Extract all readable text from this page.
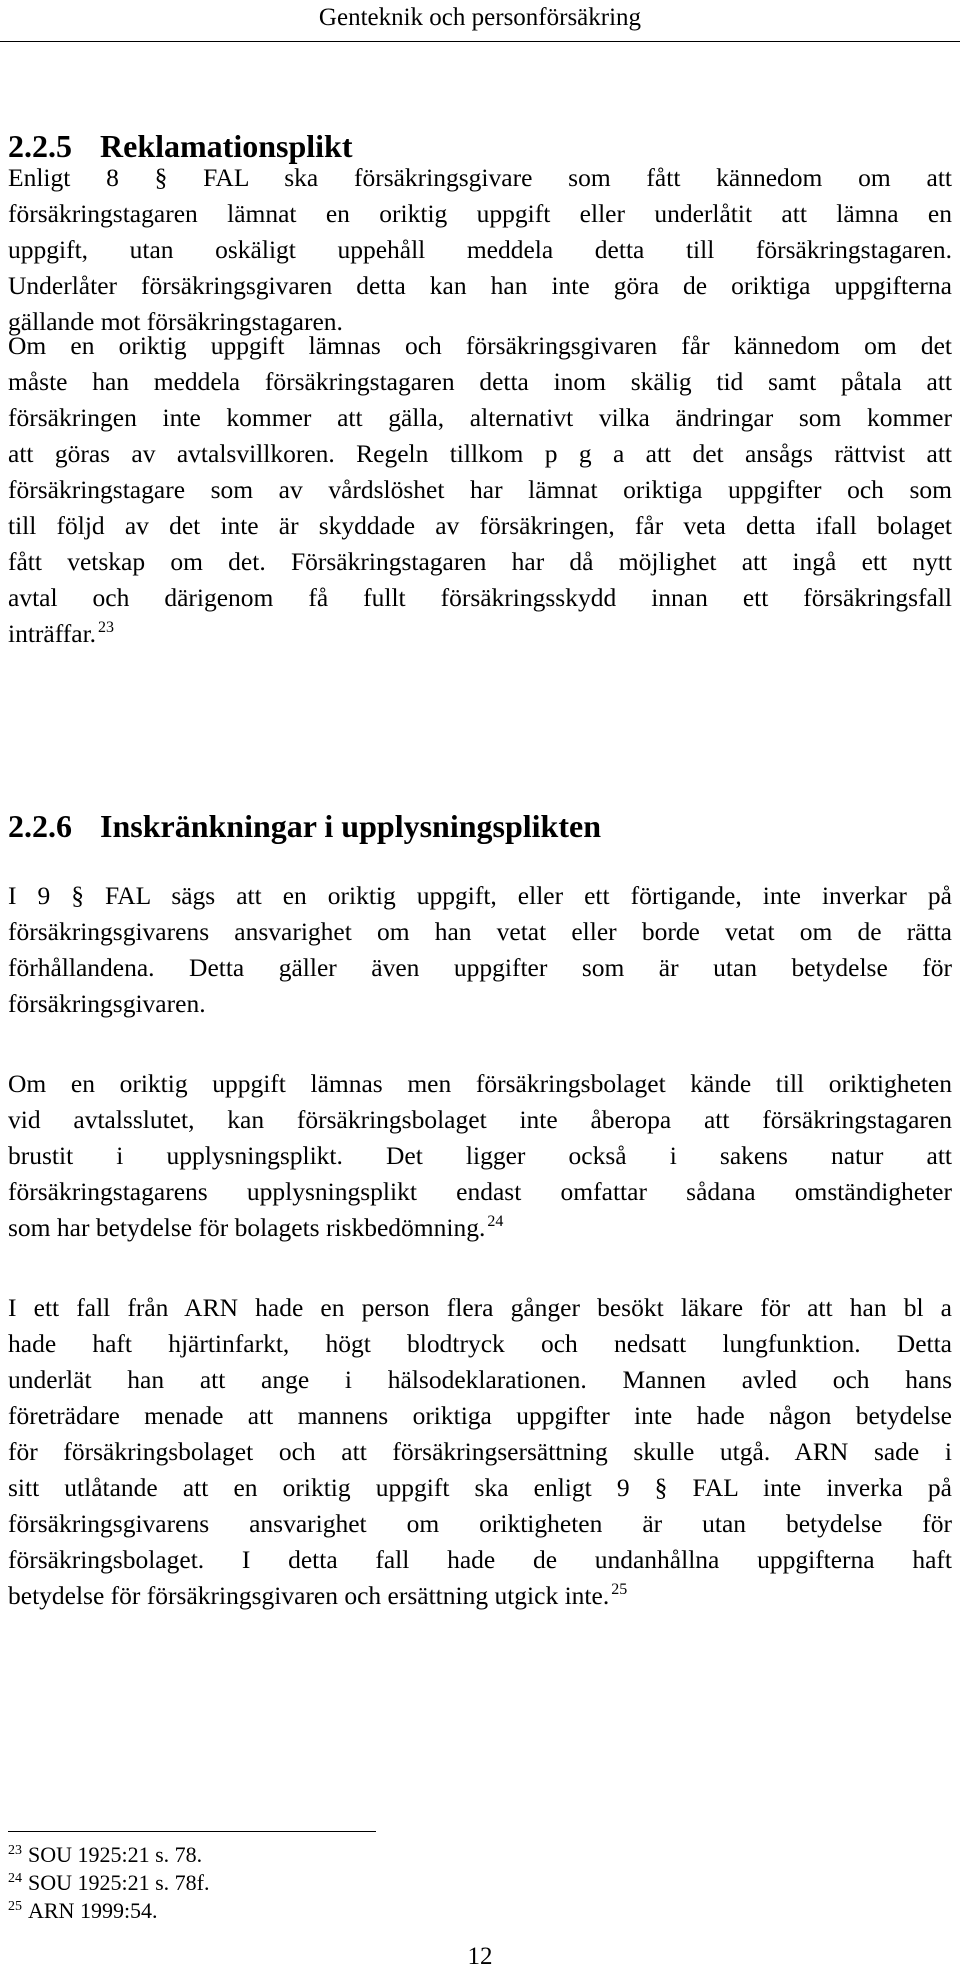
Genteknik och personförsäkring
2.2.5 Reklamationsplikt

Enligt 8 § FAL ska försäkringsgivare som fått kännedom om att
försäkringstagaren lämnat en oriktig uppgift eller underlåtit att lämna en
uppgift, utan oskäligt uppehåll meddela detta till försäkringstagaren.
Underlåter försäkringsgivaren detta kan han inte göra de oriktiga uppgifterna
gällande mot försäkringstagaren.

Om en oriktig uppgift lämnas och försäkringsgivaren får kännedom om det
måste han meddela försäkringstagaren detta inom skälig tid samt påtala att
försäkringen inte kommer att gälla, alternativt vilka ändringar som kommer
att göras av avtalsvillkoren. Regeln tillkom p g a att det ansågs rättvist att
försäkringstagare som av vårdslöshet har lämnat oriktiga uppgifter och som
till följd av det inte är skyddade av försäkringen, får veta detta ifall bolaget
fått vetskap om det. Försäkringstagaren har då möjlighet att ingå ett nytt
avtal och därigenom få fullt försäkringsskydd innan ett försäkringsfall
inträffar. $^{23}$

2.2.6 Inskränkningar i upplysningsplikten

I 9 § FAL sägs att en oriktig uppgift, eller ett förtigande, inte inverkar på
försäkringsgivarens ansvarighet om han vetat eller borde vetat om de rätta
förhållandena. Detta gäller även uppgifter som är utan betydelse för
försäkringsgivaren.

Om en oriktig uppgift lämnas men försäkringsbolaget kände till oriktigheten
vid avtalsslutet, kan försäkringsbolaget inte åberopa att försäkringstagaren
brustit i upplysningsplikt. Det ligger också i sakens natur att
försäkringstagarens upplysningsplikt endast omfattar sådana omständigheter
som har betydelse för bolagets riskbedömning. $^{24}$

I ett fall från ARN hade en person flera gånger besökt läkare för att han bl a
hade haft hjärtinfarkt, högt blodtryck och nedsatt lungfunktion. Detta
underlät han att ange i hälsodeklarationen. Mannen avled och hans
företrädare menade att mannens oriktiga uppgifter inte hade någon betydelse
för försäkringsbolaget och att försäkringsersättning skulle utgå. ARN sade i
sitt utlåtande att en oriktig uppgift ska enligt 9 § FAL inte inverka på
försäkringsgivarens ansvarighet om oriktigheten är utan betydelse för
försäkringsbolaget. I detta fall hade de undanhållna uppgifterna haft
betydelse för försäkringsgivaren och ersättning utgick inte. $^{25}$

$^{23}$ SOU 1925:21 s. 78.
$^{24}$ SOU 1925:21 s. 78f.
$^{25}$ ARN 1999:54.
12
